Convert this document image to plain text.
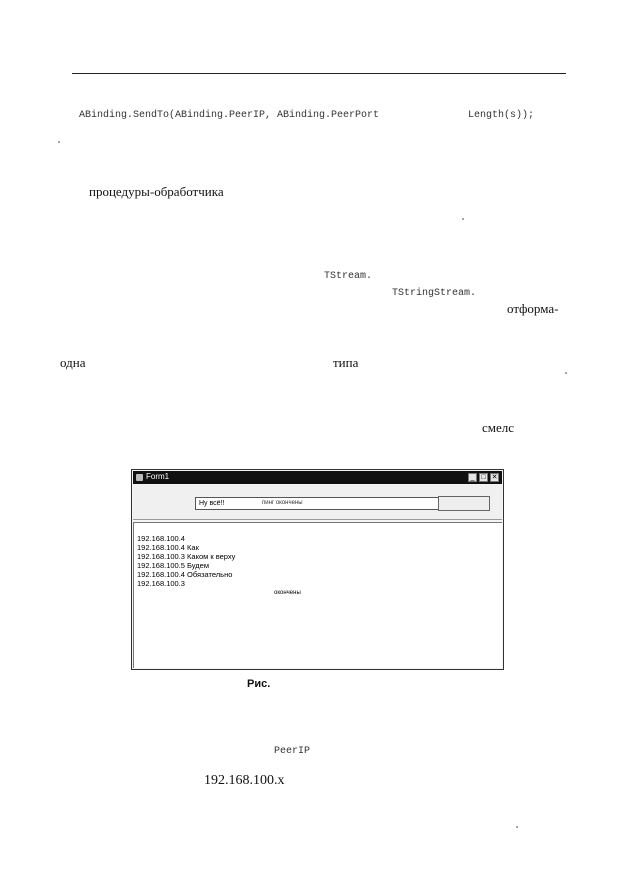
ABinding.SendTo(ABinding.PeerIP, ABinding.PeerPort	Length(s));
процедуры-обработчика
TStream.
TStringStream.
отформа-
одна	типа
смелс
Form1	_ □ ✕
Ну всё!!
пинг окончены
192.168.100.4
192.168.100.4 Как
192.168.100.3 Каком к верху
192.168.100.5 Будем
192.168.100.4 Обязательно
192.168.100.3
окончены
Рис.
PeerIP
192.168.100.x
